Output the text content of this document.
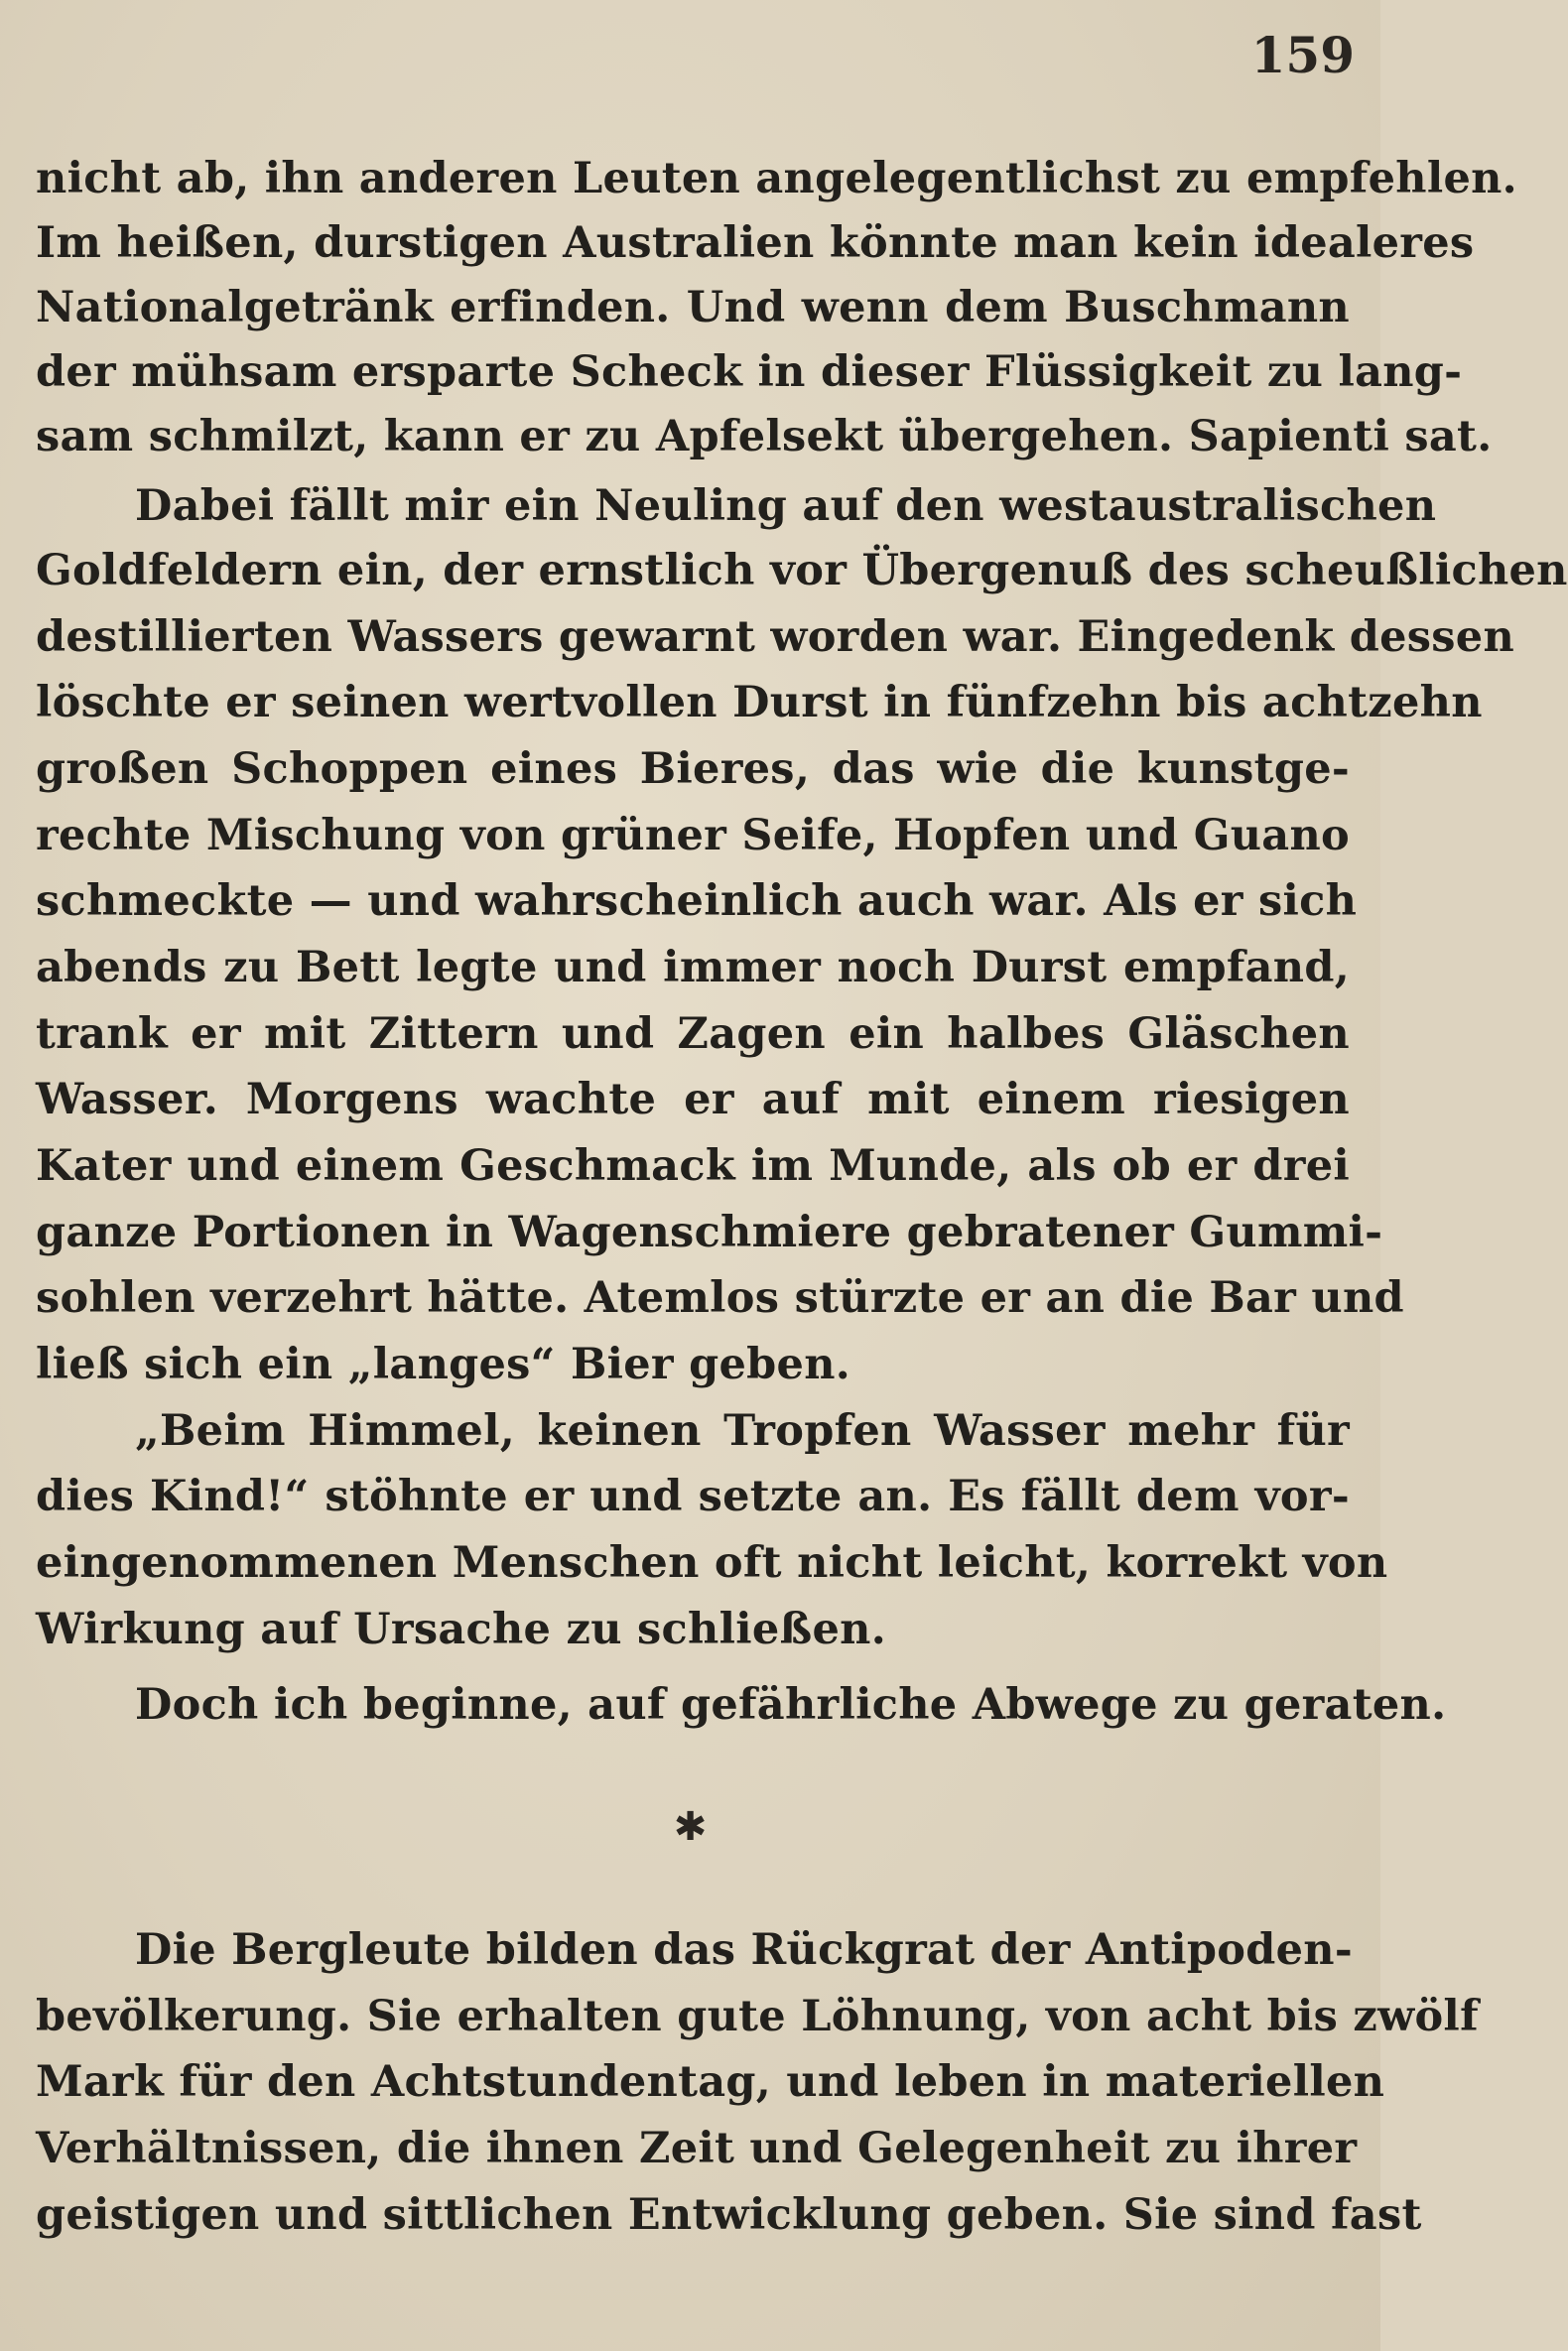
159

nicht ab, ihn anderen Leuten angelegentlichst zu empfehlen.

Im heißen, durstigen Australien könnte man kein idealeres

Nationalgetränk erfinden. Und wenn dem Buschmann

der mühsam ersparte Scheck in dieser Flüssigkeit zu lang-

sam schmilzt, kann er zu Apfelsekt übergehen. Sapienti sat.

Dabei fällt mir ein Neuling auf den westaustralischen

Goldfeldern ein, der ernstlich vor Übergenuß des scheußlichen

destillierten Wassers gewarnt worden war. Eingedenk dessen

löschte er seinen wertvollen Durst in fünfzehn bis achtzehn

großen Schoppen eines Bieres, das wie die kunstge-

rechte Mischung von grüner Seife, Hopfen und Guano

schmeckte — und wahrscheinlich auch war. Als er sich

abends zu Bett legte und immer noch Durst empfand,

trank er mit Zittern und Zagen ein halbes Gläschen

Wasser. Morgens wachte er auf mit einem riesigen

Kater und einem Geschmack im Munde, als ob er drei

ganze Portionen in Wagenschmiere gebratener Gummi-

sohlen verzehrt hätte. Atemlos stürzte er an die Bar und

ließ sich ein „langes“ Bier geben.

„Beim Himmel, keinen Tropfen Wasser mehr für

dies Kind!“ stöhnte er und setzte an. Es fällt dem vor-

eingenommenen Menschen oft nicht leicht, korrekt von

Wirkung auf Ursache zu schließen.

Doch ich beginne, auf gefährliche Abwege zu geraten.

✱

Die Bergleute bilden das Rückgrat der Antipoden-

bevölkerung. Sie erhalten gute Löhnung, von acht bis zwölf

Mark für den Achtstundentag, und leben in materiellen

Verhältnissen, die ihnen Zeit und Gelegenheit zu ihrer

geistigen und sittlichen Entwicklung geben. Sie sind fast
